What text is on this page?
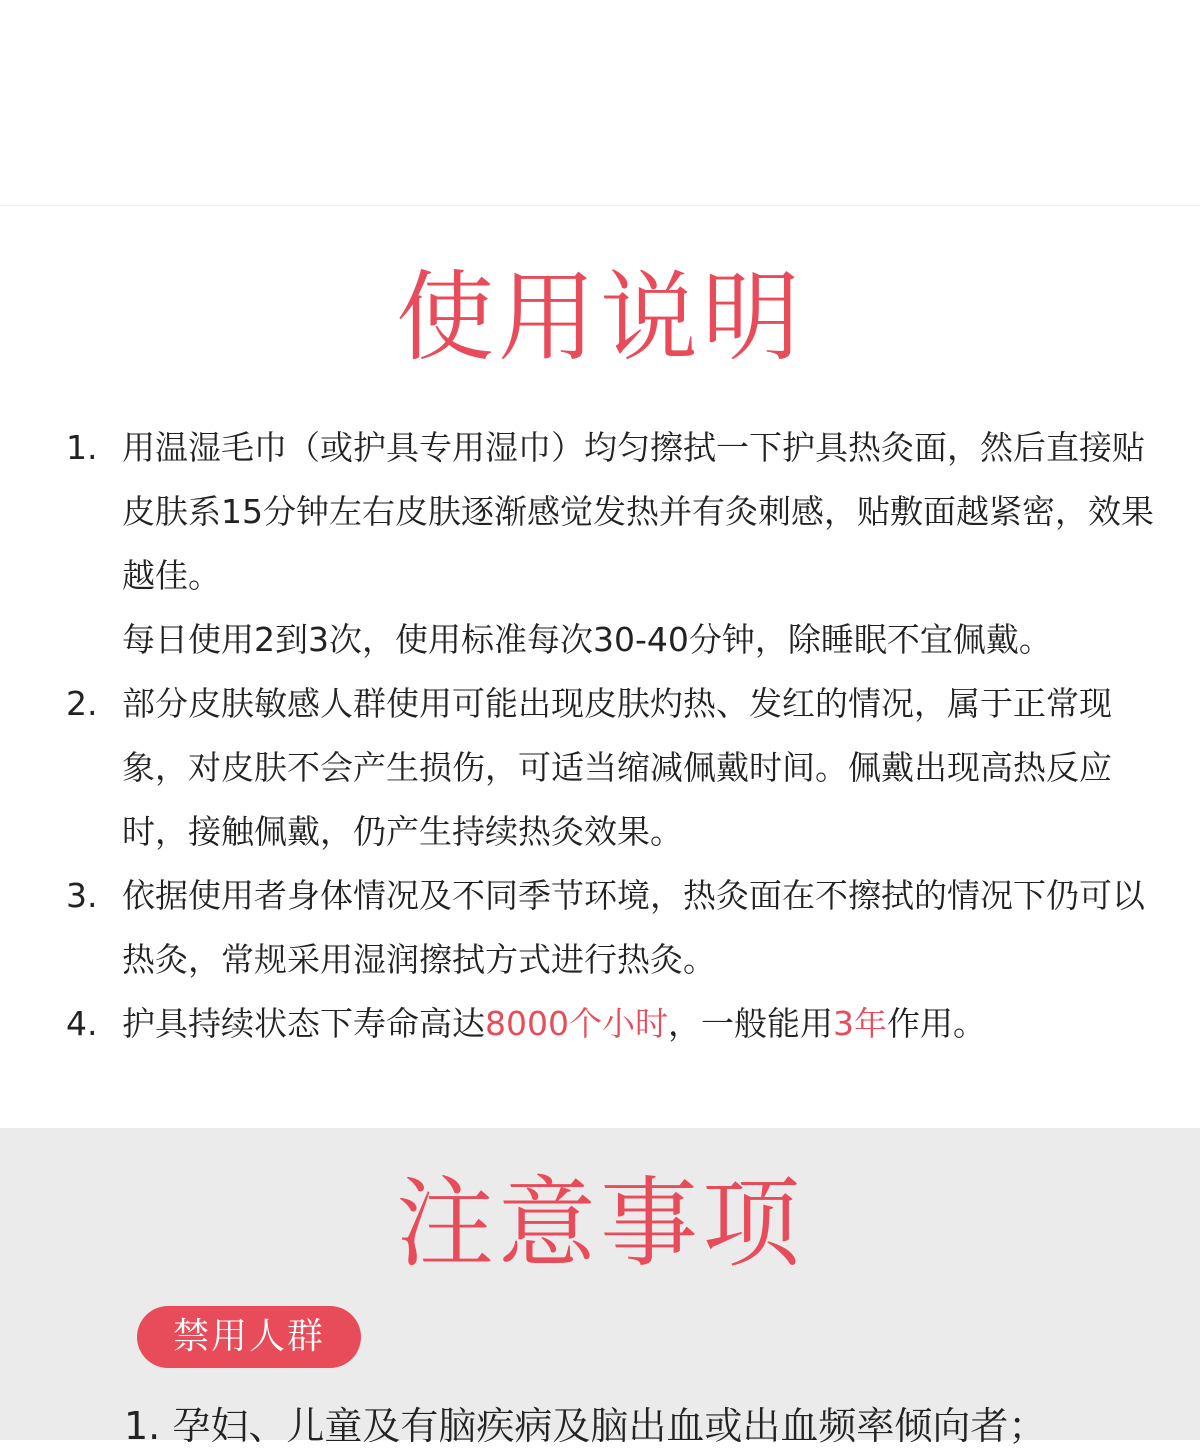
使用说明
1. 用温湿毛巾（或护具专用湿巾）均匀擦拭一下护具热灸面，然后直接贴皮肤系15分钟左右皮肤逐渐感觉发热并有灸刺感，贴敷面越紧密，效果越佳。

每日使用2到3次，使用标准每次30-40分钟，除睡眠不宜佩戴。

2. 部分皮肤敏感人群使用可能出现皮肤灼热、发红的情况，属于正常现象，对皮肤不会产生损伤，可适当缩减佩戴时间。佩戴出现高热反应时，接触佩戴，仍产生持续热灸效果。

3. 依据使用者身体情况及不同季节环境，热灸面在不擦拭的情况下仍可以热灸，常规采用湿润擦拭方式进行热灸。

4. 护具持续状态下寿命高达8000个小时，一般能用3年作用。

注意事项
禁用人群
1. 孕妇、儿童及有脑疾病及脑出血或出血频率倾向者；
